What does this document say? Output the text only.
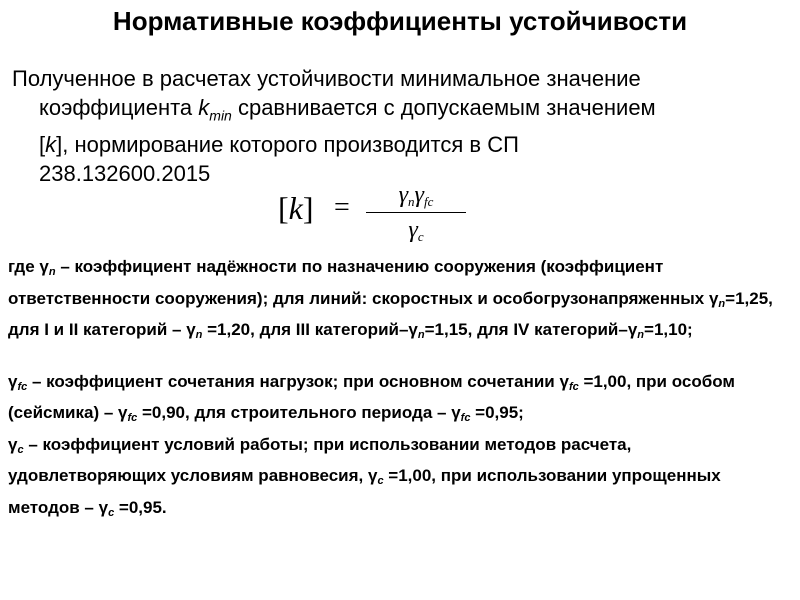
Нормативные коэффициенты устойчивости
Полученное в расчетах устойчивости минимальное значение
коэффициента $k_{min}$ сравнивается с допускаемым значением
[k], нормирование которого производится в СП
238.132600.2015
[k] =	$\gamma_n\gamma_{fc}$
$\gamma_c$

где $\gamma_n$ – коэффициент надёжности по назначению сооружения (коэффициент ответственности сооружения); для линий: скоростных и особогрузонапряженных $\gamma_n=1,25$, для I и II категорий – $\gamma_n =1,20$, для III категорий–$\gamma_n=1,15$, для IV категорий–$\gamma_n=1,10$;

$\gamma_{fc}$ – коэффициент сочетания нагрузок; при основном сочетании $\gamma_{fc} =1,00$, при особом (сейсмика) – $\gamma_{fc} =0,90$, для строительного периода – $\gamma_{fc} =0,95$;

$\gamma_c$ – коэффициент условий работы; при использовании методов расчета, удовлетворяющих условиям равновесия, $\gamma_c =1,00$, при использовании упрощенных методов – $\gamma_c =0,95$.
